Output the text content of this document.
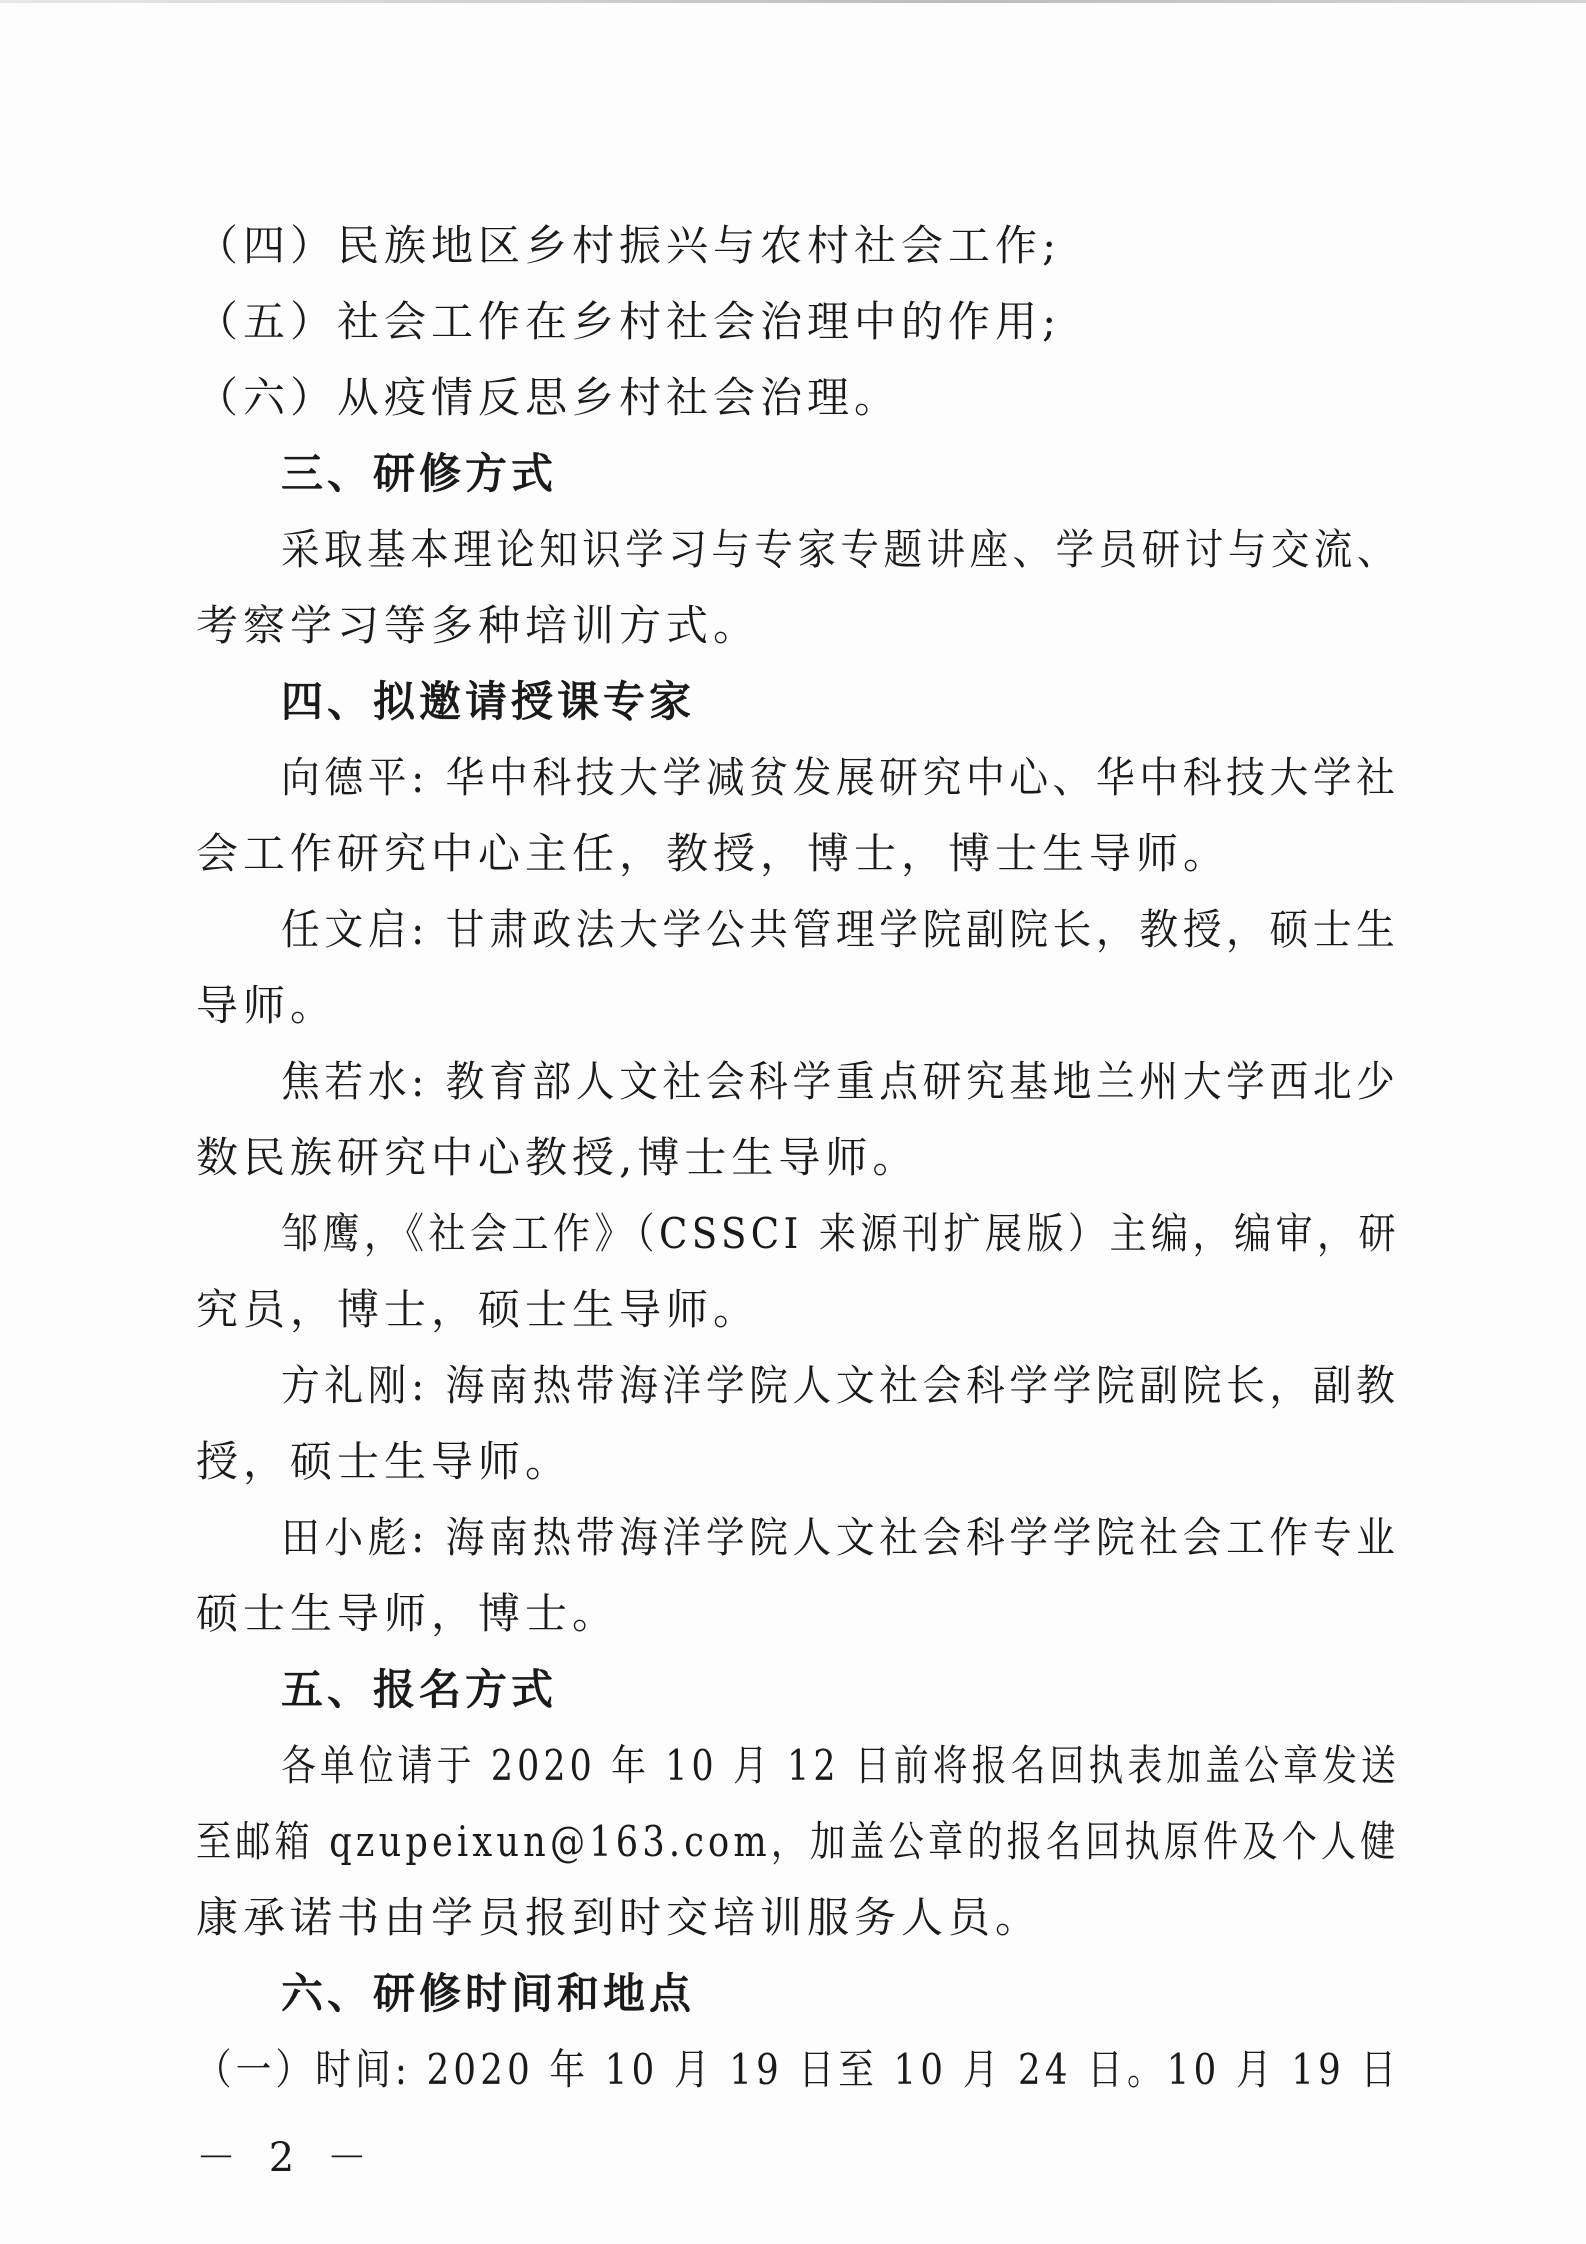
（四）民族地区乡村振兴与农村社会工作;
（五）社会工作在乡村社会治理中的作用;
（六）从疫情反思乡村社会治理。
三、研修方式
采取基本理论知识学习与专家专题讲座、学员研讨与交流、
考察学习等多种培训方式。
四、拟邀请授课专家
向德平: 华中科技大学减贫发展研究中心、华中科技大学社
会工作研究中心主任，教授，博士，博士生导师。
任文启: 甘肃政法大学公共管理学院副院长，教授，硕士生
导师。
焦若水: 教育部人文社会科学重点研究基地兰州大学西北少
数民族研究中心教授,博士生导师。
邹鹰，《社会工作》（CSSCI 来源刊扩展版）主编，编审，研
究员，博士，硕士生导师。
方礼刚: 海南热带海洋学院人文社会科学学院副院长，副教
授，硕士生导师。
田小彪: 海南热带海洋学院人文社会科学学院社会工作专业
硕士生导师，博士。
五、报名方式
各单位请于 2020 年 10 月 12 日前将报名回执表加盖公章发送
至邮箱 qzupeixun@163.com，加盖公章的报名回执原件及个人健
康承诺书由学员报到时交培训服务人员。
六、研修时间和地点
（一）时间: 2020 年 10 月 19 日至 10 月 24 日。10 月 19 日
－ 2 －
